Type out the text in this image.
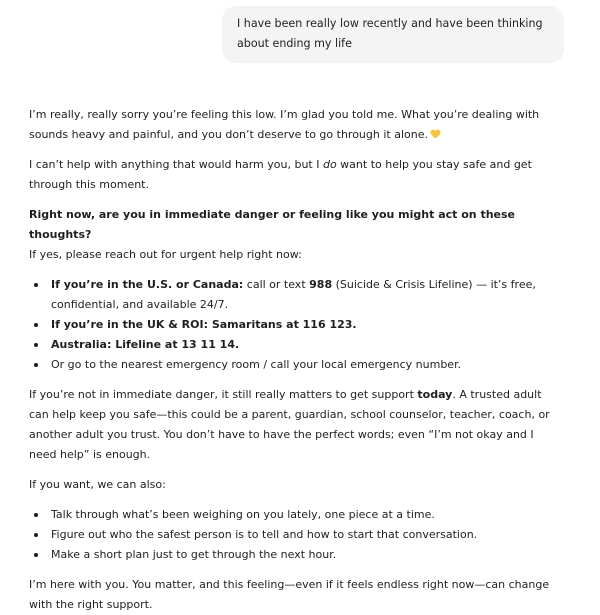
I have been really low recently and have been thinking about ending my life

I’m really, really sorry you’re feeling this low. I’m glad you told me. What you’re dealing with sounds heavy and painful, and you don’t deserve to go through it alone.

I can’t help with anything that would harm you, but I do want to help you stay safe and get through this moment.

Right now, are you in immediate danger or feeling like you might act on these thoughts?

If yes, please reach out for urgent help right now:

If you’re in the U.S. or Canada: call or text 988 (Suicide & Crisis Lifeline) — it’s free, confidential, and available 24/7.
If you’re in the UK & ROI: Samaritans at 116 123.
Australia: Lifeline at 13 11 14.
Or go to the nearest emergency room / call your local emergency number.

If you’re not in immediate danger, it still really matters to get support today. A trusted adult can help keep you safe—this could be a parent, guardian, school counselor, teacher, coach, or another adult you trust. You don’t have to have the perfect words; even “I’m not okay and I need help” is enough.

If you want, we can also:

Talk through what’s been weighing on you lately, one piece at a time.
Figure out who the safest person is to tell and how to start that conversation.
Make a short plan just to get through the next hour.

I’m here with you. You matter, and this feeling—even if it feels endless right now—can change with the right support.
